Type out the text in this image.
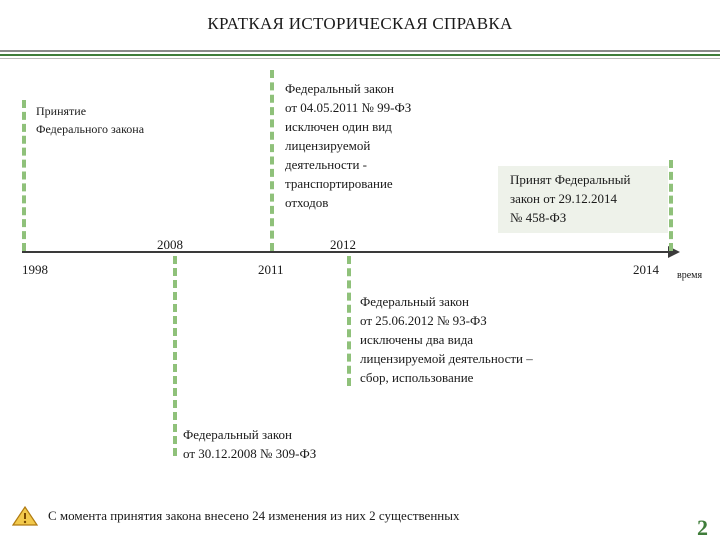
КРАТКАЯ ИСТОРИЧЕСКАЯ СПРАВКА
время
2008	2012
1998	2011	2014
Принятие
Федерального закона
Федеральный закон
от 04.05.2011 № 99-ФЗ
исключен один вид
лицензируемой
деятельности -
транспортирование
отходов
Принят Федеральный
закон от 29.12.2014
№ 458-ФЗ
Федеральный закон
от 25.06.2012 № 93-ФЗ
исключены два вида
лицензируемой деятельности –
сбор, использование
Федеральный закон
от 30.12.2008 № 309-ФЗ
С момента принятия закона внесено 24 изменения из них 2 существенных	2
